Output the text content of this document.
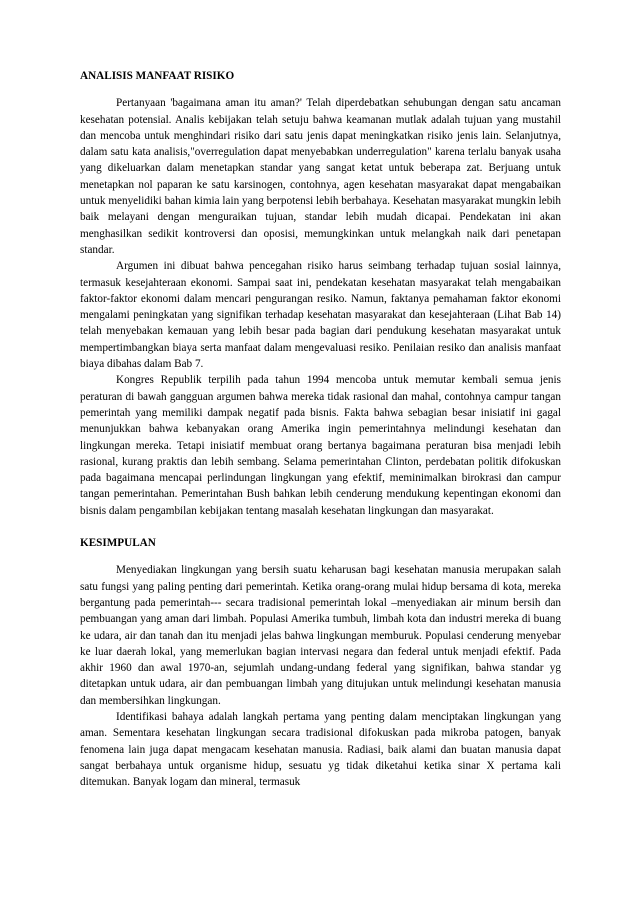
ANALISIS MANFAAT RISIKO

Pertanyaan 'bagaimana aman itu aman?' Telah diperdebatkan sehubungan dengan satu ancaman kesehatan potensial. Analis kebijakan telah setuju bahwa keamanan mutlak adalah tujuan yang mustahil dan mencoba untuk menghindari risiko dari satu jenis dapat meningkatkan risiko jenis lain. Selanjutnya, dalam satu kata analisis,"overregulation dapat menyebabkan underregulation" karena terlalu banyak usaha yang dikeluarkan dalam menetapkan standar yang sangat ketat untuk beberapa zat. Berjuang untuk menetapkan nol paparan ke satu karsinogen, contohnya, agen kesehatan masyarakat dapat mengabaikan untuk menyelidiki bahan kimia lain yang berpotensi lebih berbahaya. Kesehatan masyarakat mungkin lebih baik melayani dengan menguraikan tujuan, standar lebih mudah dicapai. Pendekatan ini akan menghasilkan sedikit kontroversi dan oposisi, memungkinkan untuk melangkah naik dari penetapan standar.

Argumen ini dibuat bahwa pencegahan risiko harus seimbang terhadap tujuan sosial lainnya, termasuk kesejahteraan ekonomi. Sampai saat ini, pendekatan kesehatan masyarakat telah mengabaikan faktor-faktor ekonomi dalam mencari pengurangan resiko. Namun, faktanya pemahaman faktor ekonomi mengalami peningkatan yang signifikan terhadap kesehatan masyarakat dan kesejahteraan (Lihat Bab 14) telah menyebakan kemauan yang lebih besar pada bagian dari pendukung kesehatan masyarakat untuk mempertimbangkan biaya serta manfaat dalam mengevaluasi resiko. Penilaian resiko dan analisis manfaat biaya dibahas dalam Bab 7.

Kongres Republik terpilih pada tahun 1994 mencoba untuk memutar kembali semua jenis peraturan di bawah gangguan argumen bahwa mereka tidak rasional dan mahal, contohnya campur tangan pemerintah yang memiliki dampak negatif pada bisnis. Fakta bahwa sebagian besar inisiatif ini gagal menunjukkan bahwa kebanyakan orang Amerika ingin pemerintahnya melindungi kesehatan dan lingkungan mereka. Tetapi inisiatif membuat orang bertanya bagaimana peraturan bisa menjadi lebih rasional, kurang praktis dan lebih sembang. Selama pemerintahan Clinton, perdebatan politik difokuskan pada bagaimana mencapai perlindungan lingkungan yang efektif, meminimalkan birokrasi dan campur tangan pemerintahan. Pemerintahan Bush bahkan lebih cenderung mendukung kepentingan ekonomi dan bisnis dalam pengambilan kebijakan tentang masalah kesehatan lingkungan dan masyarakat.

KESIMPULAN

Menyediakan lingkungan yang bersih suatu keharusan bagi kesehatan manusia merupakan salah satu fungsi yang paling penting dari pemerintah. Ketika orang-orang mulai hidup bersama di kota, mereka bergantung pada pemerintah--- secara tradisional pemerintah lokal –menyediakan air minum bersih dan pembuangan yang aman dari limbah. Populasi Amerika tumbuh, limbah kota dan industri mereka di buang ke udara, air dan tanah dan itu menjadi jelas bahwa lingkungan memburuk. Populasi cenderung menyebar ke luar daerah lokal, yang memerlukan bagian intervasi negara dan federal untuk menjadi efektif. Pada akhir 1960 dan awal 1970-an, sejumlah undang-undang federal yang signifikan, bahwa standar yg ditetapkan untuk udara, air dan pembuangan limbah yang ditujukan untuk melindungi kesehatan manusia dan membersihkan lingkungan.

Identifikasi bahaya adalah langkah pertama yang penting dalam menciptakan lingkungan yang aman. Sementara kesehatan lingkungan secara tradisional difokuskan pada mikroba patogen, banyak fenomena lain juga dapat mengacam kesehatan manusia. Radiasi, baik alami dan buatan manusia dapat sangat berbahaya untuk organisme hidup, sesuatu yg tidak diketahui ketika sinar X pertama kali ditemukan. Banyak logam dan mineral, termasuk
